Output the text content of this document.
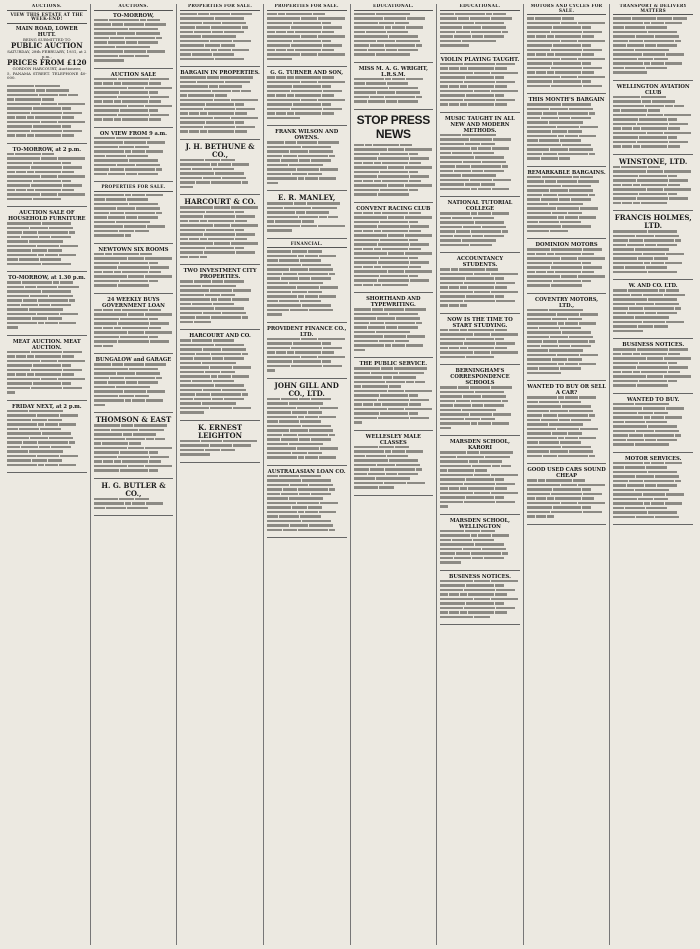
AUCTIONS.
VIEW THIS ESTATE AT THE WEEK-END!
MAIN ROAD, LOWER HUTT.
BEING SUBMITTED TO
PUBLIC AUCTION
SATURDAY, 28th FEBRUARY, 1931, at 2 p.m.,
PRICES FROM £120
GORDON HARCOURT, Auctioneer,
5, PANAMA STREET. TELEPHONE 40-000.
TO-MORROW, at 2 p.m.
AUCTION SALE OF HOUSEHOLD FURNITURE
TO-MORROW, at 1.30 p.m.
MEAT AUCTION. MEAT AUCTION.
FRIDAY NEXT, at 2 p.m.
AUCTIONS.
TO-MORROW,
AUCTION SALE
ON VIEW FROM 9 a.m.
PROPERTIES FOR SALE.
NEWTOWN SIX ROOMS
24 WEEKLY BUYS GOVERNMENT LOAN
BUNGALOW and GARAGE
THOMSON & EAST
H. G. BUTLER & CO.,
PROPERTIES FOR SALE.
BARGAIN IN PROPERTIES.
J. H. BETHUNE & CO.,
HARCOURT & CO.
TWO INVESTMENT CITY PROPERTIES.
HARCOURT AND CO.
K. ERNEST LEIGHTON
PROPERTIES FOR SALE.
G. G. TURNER AND SON,
FRANK WILSON AND OWENS.
E. R. MANLEY,
FINANCIAL.
PROVIDENT FINANCE CO., LTD.
JOHN GILL AND CO., LTD.
AUSTRALASIAN LOAN CO.
EDUCATIONAL.
MISS M. A. G. WRIGHT, L.R.S.M.
STOP PRESS NEWS
CONVENT RACING CLUB
SHORTHAND AND TYPEWRITING.
THE PUBLIC SERVICE.
WELLESLEY MALE CLASSES
EDUCATIONAL.
VIOLIN PLAYING TAUGHT.
MUSIC TAUGHT IN ALL NEW AND MODERN METHODS.
NATIONAL TUTORIAL COLLEGE
ACCOUNTANCY STUDENTS.
NOW IS THE TIME TO START STUDYING.
BERNINGHAM'S CORRESPONDENCE SCHOOLS
MARSDEN SCHOOL, KARORI
MARSDEN SCHOOL, WELLINGTON
BUSINESS NOTICES.
MOTORS AND CYCLES FOR SALE.
THIS MONTH'S BARGAIN
REMARKABLE BARGAINS.
DOMINION MOTORS
COVENTRY MOTORS, LTD.,
WANTED TO BUY OR SELL A CAR?
GOOD USED CARS SOUND CHEAP
TRANSPORT & DELIVERY MATTERS
WELLINGTON AVIATION CLUB
WINSTONE, LTD.
FRANCIS HOLMES, LTD.
W. AND CO. LTD.
BUSINESS NOTICES.
WANTED TO BUY.
MOTOR SERVICES.
